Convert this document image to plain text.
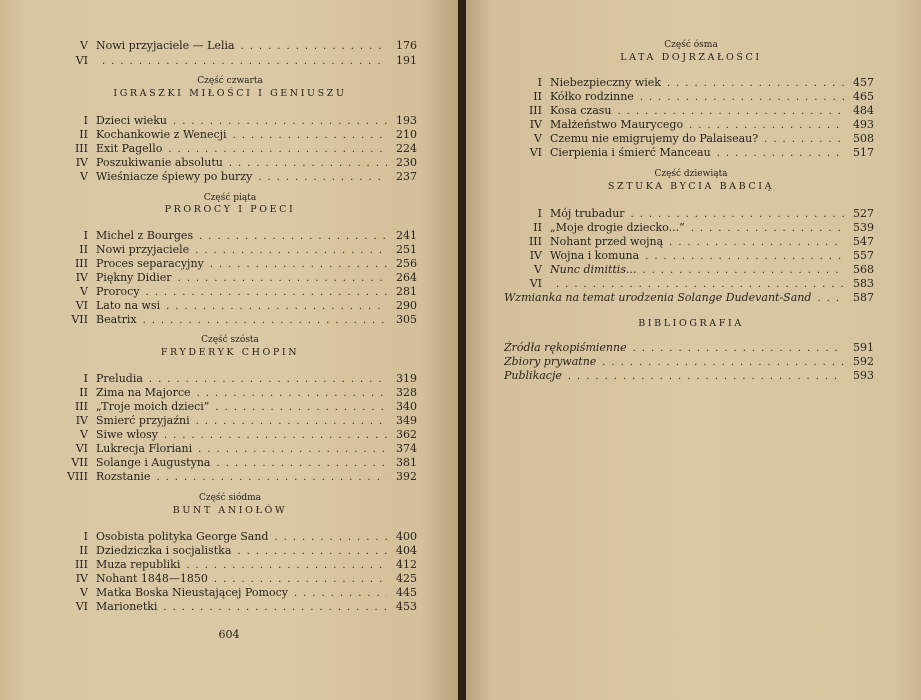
V Nowi przyjaciele — Lelia .....	176
VI .....	191
Część czwarta
IGRASZKI MIŁOŚCI I GENIUSZU
I Dzieci wieku .....	193
II Kochankowie z Wenecji .....	210
III Exit Pagello .....	224
IV Poszukiwanie absolutu .....	230
V Wieśniacze śpiewy po burzy .....	237
Część piąta
PROROCY I POECI
I Michel z Bourges .....	241
II Nowi przyjaciele .....	251
III Proces separacyjny .....	256
IV Piękny Didier .....	264
V Prorocy .....	281
VI Lato na wsi .....	290
VII Beatrix .....	305
Część szósta
FRYDERYK CHOPIN
I Preludia .....	319
II Zima na Majorce .....	328
III „Troje moich dzieci” .....	340
IV Śmierć przyjaźni .....	349
V Siwe włosy .....	362
VI Lukrecja Floriani .....	374
VII Solange i Augustyna .....	381
VIII Rozstanie .....	392
Część siódma
BUNT ANIOŁÓW
I Osobista polityka George Sand .....	400
II Dziedziczka i socjalistka .....	404
III Muza republiki .....	412
IV Nohant 1848—1850 .....	425
V Matka Boska Nieustającej Pomocy .....	445
VI Marionetki .....	453
604
Część ósma
LATA DOJRZAŁOŚCI
I Niebezpieczny wiek .....	457
II Kółko rodzinne .....	465
III Kosa czasu .....	484
IV Małżeństwo Maurycego .....	493
V Czemu nie emigrujemy do Palaiseau? .....	508
VI Cierpienia i śmierć Manceau .....	517
Część dziewiąta
SZTUKA BYCIA BABCIĄ
I Mój trubadur .....	527
II „Moje drogie dziecko...” .....	539
III Nohant przed wojną .....	547
IV Wojna i komuna .....	557
V Nunc dimittis... .....	568
VI .....	583
Wzmianka na temat urodzenia Solange Dudevant-Sand .....	587
BIBLIOGRAFIA
Źródła rękopiśmienne .....	591
Zbiory prywatne .....	592
Publikacje .....	593
